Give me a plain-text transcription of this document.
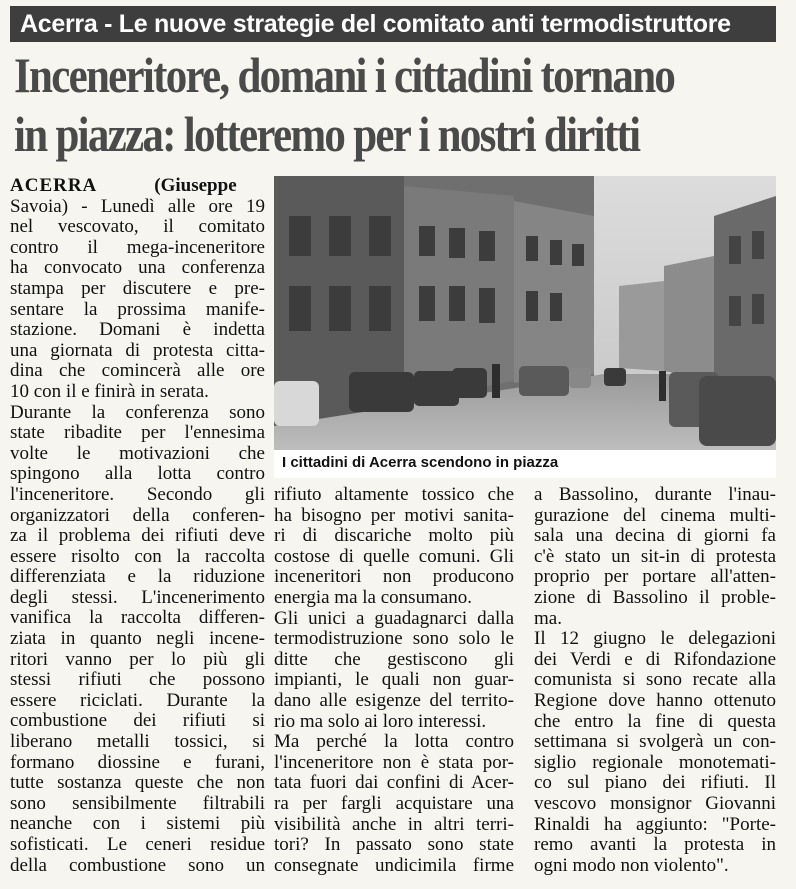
Acerra - Le nuove strategie del comitato anti termodistruttore
Inceneritore, domani i cittadini tornano
in piazza: lotteremo per i nostri diritti
ACERRA   	(Giuseppe
Savoia) - Lunedì alle ore 19
nel vescovato, il comitato
contro il mega-inceneritore
ha convocato una conferenza
stampa per discutere e pre-
sentare la prossima manife-
stazione. Domani è indetta
una giornata di protesta citta-
dina che comincerà alle ore
10 con il e finirà in serata.
Durante la conferenza sono
state ribadite per l'ennesima
volte le motivazioni che
spingono alla lotta contro
l'inceneritore. Secondo gli
organizzatori della conferen-
za il problema dei rifiuti deve
essere risolto con la raccolta
differenziata e la riduzione
degli stessi. L'incenerimento
vanifica la raccolta differen-
ziata in quanto negli incene-
ritori vanno per lo più gli
stessi rifiuti che possono
essere riciclati. Durante la
combustione dei rifiuti si
liberano metalli tossici, si
formano diossine e furani,
tutte sostanza queste che non
sono sensibilmente filtrabili
neanche con i sistemi più
sofisticati. Le ceneri residue
della combustione sono un
I cittadini di Acerra scendono in piazza
rifiuto altamente tossico che
ha bisogno per motivi sanita-
ri di discariche molto più
costose di quelle comuni. Gli
inceneritori non producono
energia ma la consumano.
Gli unici a guadagnarci dalla
termodistruzione sono solo le
ditte che gestiscono gli
impianti, le quali non guar-
dano alle esigenze del territo-
rio ma solo ai loro interessi.
Ma perché la lotta contro
l'inceneritore non è stata por-
tata fuori dai confini di Acer-
ra per fargli acquistare una
visibilità anche in altri terri-
tori? In passato sono state
consegnate undicimila firme
a Bassolino, durante l'inau-
gurazione del cinema multi-
sala una decina di giorni fa
c'è stato un sit-in di protesta
proprio per portare all'atten-
zione di Bassolino il proble-
ma.
Il 12 giugno le delegazioni
dei Verdi e di Rifondazione
comunista si sono recate alla
Regione dove hanno ottenuto
che entro la fine di questa
settimana si svolgerà un con-
siglio regionale monotemati-
co sul piano dei rifiuti. Il
vescovo monsignor Giovanni
Rinaldi ha aggiunto: "Porte-
remo avanti la protesta in
ogni modo non violento".
